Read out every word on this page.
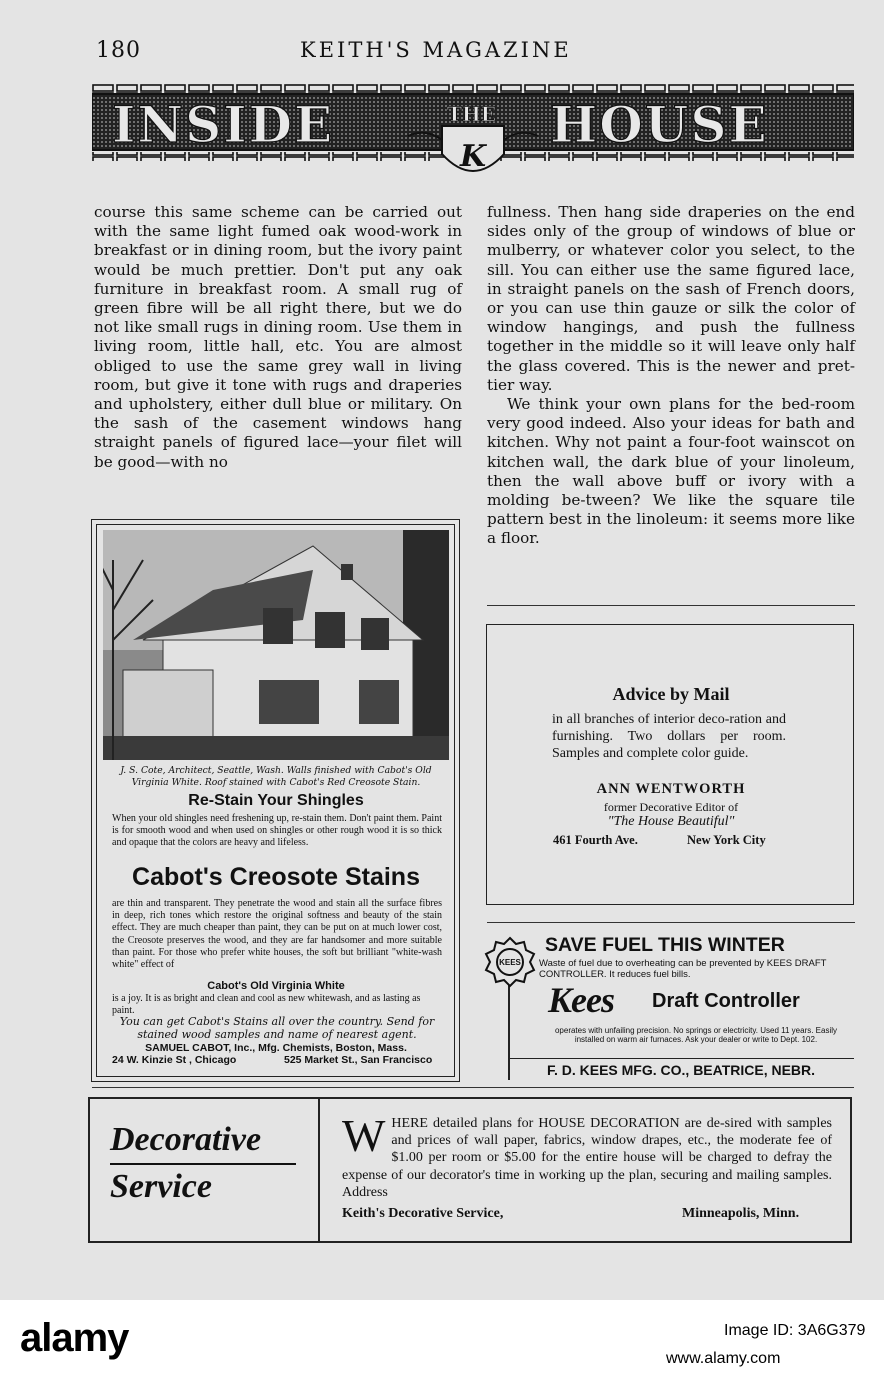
180	KEITH'S MAGAZINE
INSIDE	THE HOUSE
K

course this same scheme can be carried out with the same light fumed oak wood-work in breakfast or in dining room, but the ivory paint would be much prettier. Don't put any oak furniture in breakfast room. A small rug of green fibre will be all right there, but we do not like small rugs in dining room. Use them in living room, little hall, etc. You are almost obliged to use the same grey wall in living room, but give it tone with rugs and draperies and upholstery, either dull blue or military. On the sash of the casement windows hang straight panels of figured lace—your filet will be good—with no

fullness. Then hang side draperies on the end sides only of the group of windows of blue or mulberry, or whatever color you select, to the sill. You can either use the same figured lace, in straight panels on the sash of French doors, or you can use thin gauze or silk the color of window hangings, and push the fullness together in the middle so it will leave only half the glass covered. This is the newer and pret-tier way.

We think your own plans for the bed-room very good indeed. Also your ideas for bath and kitchen. Why not paint a four-foot wainscot on kitchen wall, the dark blue of your linoleum, then the wall above buff or ivory with a molding be-tween? We like the square tile pattern best in the linoleum: it seems more like a floor.

J. S. Cote, Architect, Seattle, Wash. Walls finished with Cabot's Old Virginia White. Roof stained with Cabot's Red Creosote Stain.
Re-Stain Your Shingles
When your old shingles need freshening up, re-stain them. Don't paint them. Paint is for smooth wood and when used on shingles or other rough wood it is so thick and opaque that the colors are heavy and lifeless.
Cabot's Creosote Stains
are thin and transparent. They penetrate the wood and stain all the surface fibres in deep, rich tones which restore the original softness and beauty of the stain effect. They are much cheaper than paint, they can be put on at much lower cost, the Creosote preserves the wood, and they are far handsomer and more suitable than paint. For those who prefer white houses, the soft but brilliant "white-wash white" effect of
Cabot's Old Virginia White
is a joy. It is as bright and clean and cool as new whitewash, and as lasting as paint.
You can get Cabot's Stains all over the country. Send for stained wood samples and name of nearest agent.
SAMUEL CABOT, Inc., Mfg. Chemists, Boston, Mass.
24 W. Kinzie St , Chicago	525 Market St., San Francisco
Advice by Mail
in all branches of interior deco-ration and furnishing. Two dollars per room. Samples and complete color guide.
ANN WENTWORTH
former Decorative Editor of
"The House Beautiful"
461 Fourth Ave.	New York City
KEES
SAVE FUEL THIS WINTER
Waste of fuel due to overheating can be prevented by KEES DRAFT CONTROLLER. It reduces fuel bills.
Kees Draft Controller
operates with unfailing precision. No springs or electricity. Used 11 years. Easily installed on warm air furnaces. Ask your dealer or write to Dept. 102.
F. D. KEES MFG. CO., BEATRICE, NEBR.
Decorative
Service
W HERE detailed plans for HOUSE DECORATION are de-sired with samples and prices of wall paper, fabrics, window drapes, etc., the moderate fee of $1.00 per room or $5.00 for the entire house will be charged to defray the expense of our decorator's time in working up the plan, securing and mailing samples. Address
Keith's Decorative Service,	Minneapolis, Minn.
alamy	Image ID: 3A6G379
www.alamy.com
